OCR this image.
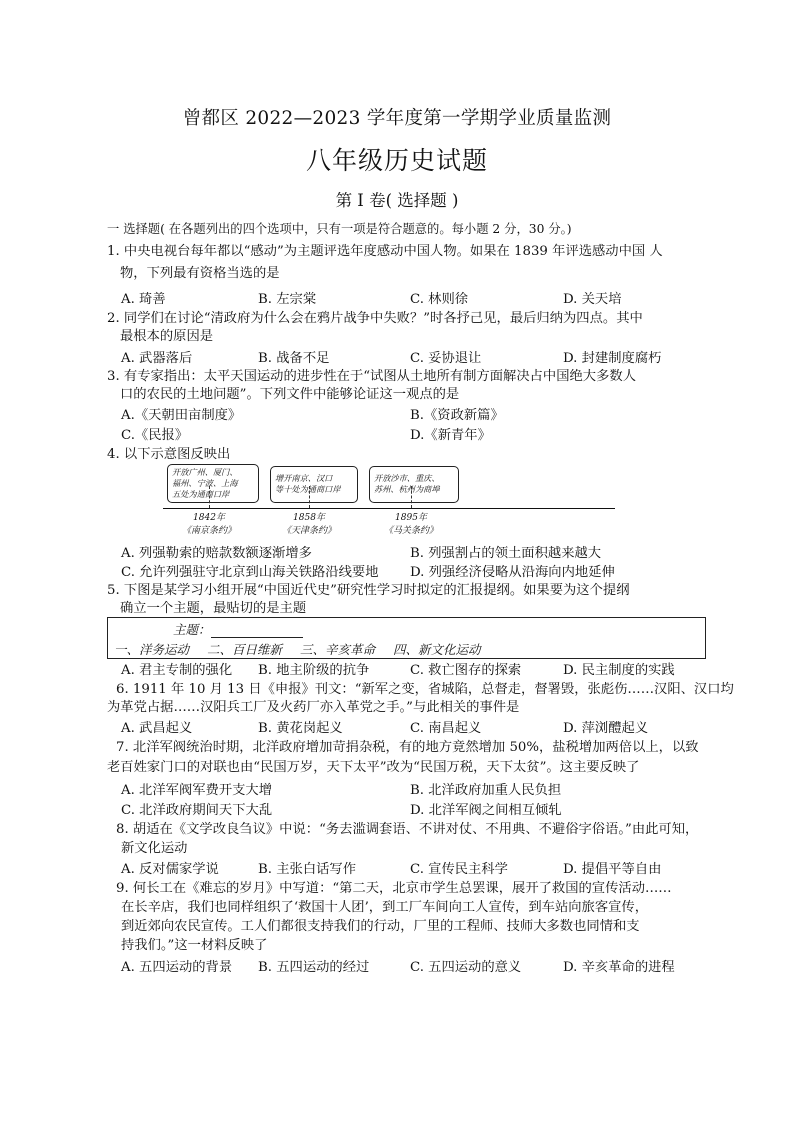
曾都区 2022—2023 学年度第一学期学业质量监测
八年级历史试题
第 I 卷( 选择题 )
一 选择题( 在各题列出的四个选项中，只有一项是符合题意的。每小题 2 分，30 分。)
1. 中央电视台每年都以“感动”为主题评选年度感动中国人物。如果在 1839 年评选感动中国 人
物，下列最有资格当选的是
A. 琦善	B. 左宗棠	C. 林则徐	D. 关天培
2. 同学们在讨论“清政府为什么会在鸦片战争中失败？”时各抒己见，最后归纳为四点。其中
最根本的原因是
A. 武器落后	B. 战备不足	C. 妥协退让	D. 封建制度腐朽
3. 有专家指出：太平天国运动的进步性在于“试图从土地所有制方面解决占中国绝大多数人
口的农民的土地问题”。下列文件中能够论证这一观点的是
A.《天朝田亩制度》	B.《资政新篇》
C.《民报》	D.《新青年》
4. 以下示意图反映出
开放广州、厦门、
福州、宁波、上海
五处为通商口岸
增开南京、汉口
等十处为通商口岸
开放沙市、重庆、
苏州、杭州为商埠
1842年
《南京条约》
1858年
《天津条约》
1895年
《马关条约》
A. 列强勒索的赔款数额逐渐增多	B. 列强割占的领土面积越来越大
C. 允许列强驻守北京到山海关铁路沿线要地 D. 列强经济侵略从沿海向内地延伸
5. 下图是某学习小组开展“中国近代史”研究性学习时拟定的汇报提纲。如果要为这个提纲
确立一个主题，最贴切的是主题
主题：
一、洋务运动 二、百日维新 三、辛亥革命 四、新文化运动
A. 君主专制的强化 B. 地主阶级的抗争	C. 救亡图存的探索	D. 民主制度的实践
6. 1911 年 10 月 13 日《申报》刊文：“新军之变，省城陷，总督走，督署毁，张彪伤……汉阳、汉口均
为革党占据……汉阳兵工厂及火药厂亦入革党之手。”与此相关的事件是
A. 武昌起义	B. 黄花岗起义	C. 南昌起义	D. 萍浏醴起义
7. 北洋军阀统治时期，北洋政府增加苛捐杂税，有的地方竟然增加 50%，盐税增加两倍以上，以致
老百姓家门口的对联也由“民国万岁，天下太平”改为“民国万税，天下太贫”。这主要反映了
A. 北洋军阀军费开支大增	B. 北洋政府加重人民负担
C. 北洋政府期间天下大乱	D. 北洋军阀之间相互倾轧
8. 胡适在《文学改良刍议》中说：“务去滥调套语、不讲对仗、不用典、不避俗字俗语。”由此可知，
新文化运动
A. 反对儒家学说	B. 主张白话写作	C. 宣传民主科学	D. 提倡平等自由
9. 何长工在《难忘的岁月》中写道：“第二天，北京市学生总罢课，展开了救国的宣传活动……
在长辛店，我们也同样组织了‘救国十人团’，到工厂车间向工人宣传，到车站向旅客宣传，
到近郊向农民宣传。工人们都很支持我们的行动，厂里的工程师、技师大多数也同情和支
持我们。”这一材料反映了
A. 五四运动的背景 B. 五四运动的经过	C. 五四运动的意义	D. 辛亥革命的进程
